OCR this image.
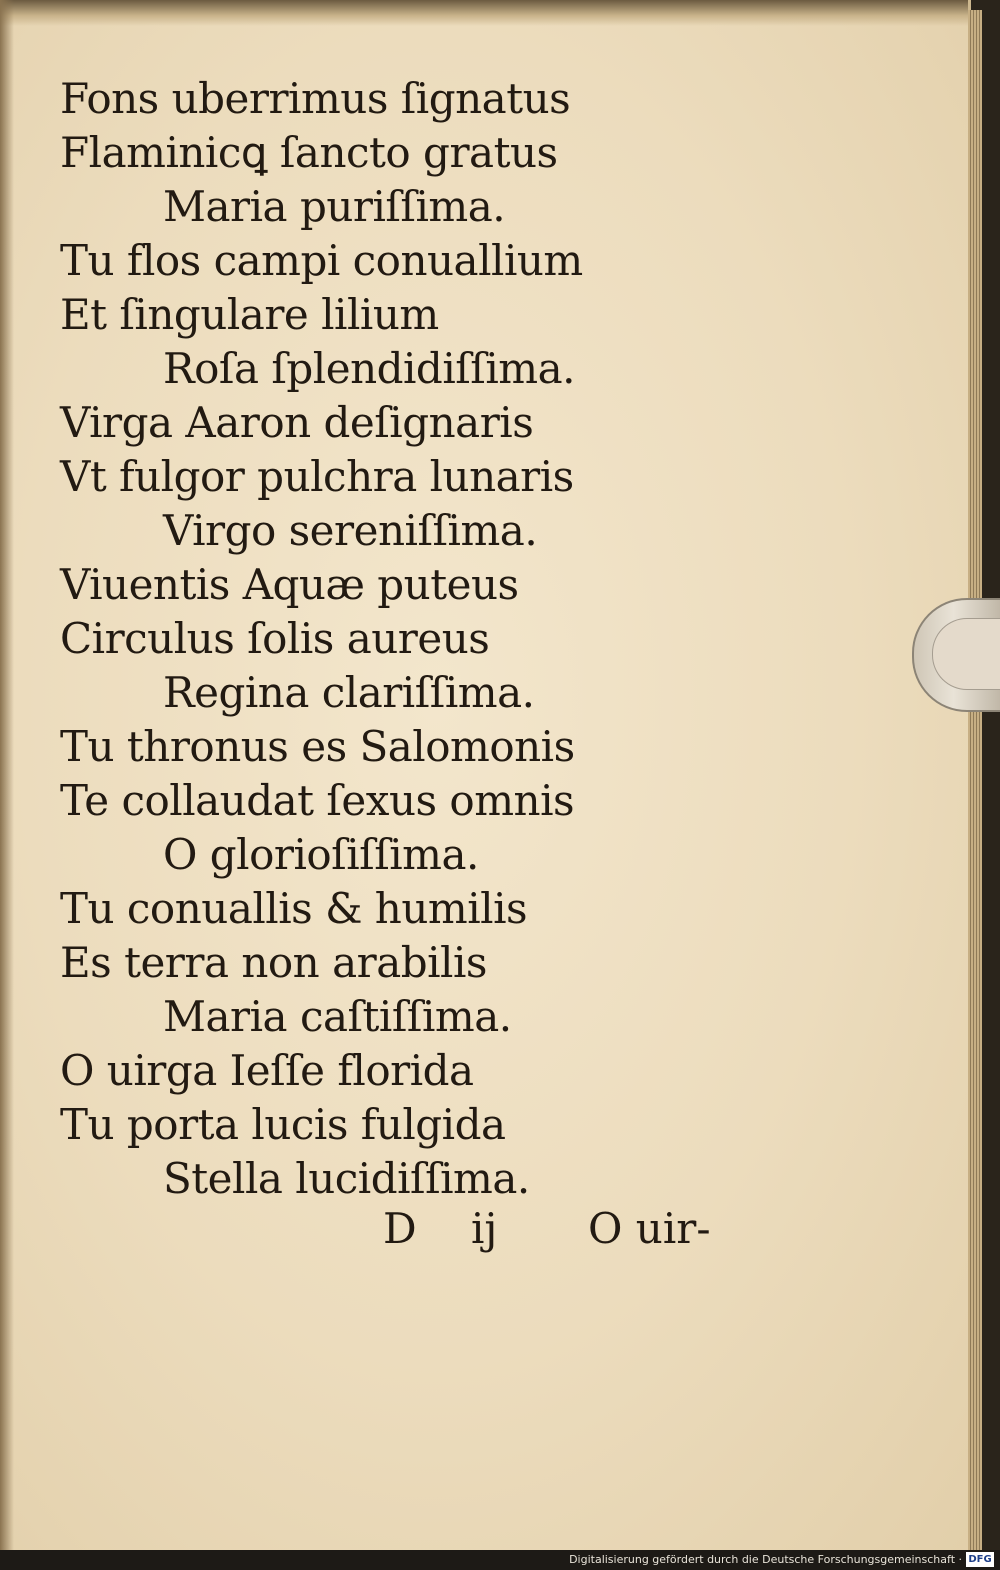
Fons uberrimus ſignatus
Flaminicꝗ ſancto gratus
Maria puriſſima.
Tu flos campi conuallium
Et ſingulare lilium
Roſa ſplendidiſſima.
Virga Aaron deſignaris
Vt fulgor pulchra lunaris
Virgo sereniſſima.
Viuentis Aquæ puteus
Circulus ſolis aureus
Regina clariſſima.
Tu thronus es Salomonis
Te collaudat ſexus omnis
O glorioſiſſima.
Tu conuallis & humilis
Es terra non arabilis
Maria caſtiſſima.
O uirga Ieſſe florida
Tu porta lucis fulgida
Stella lucidiſſima.
D ij O uir-
Digitalisierung gefördert durch die Deutsche Forschungsgemeinschaft · DFG
